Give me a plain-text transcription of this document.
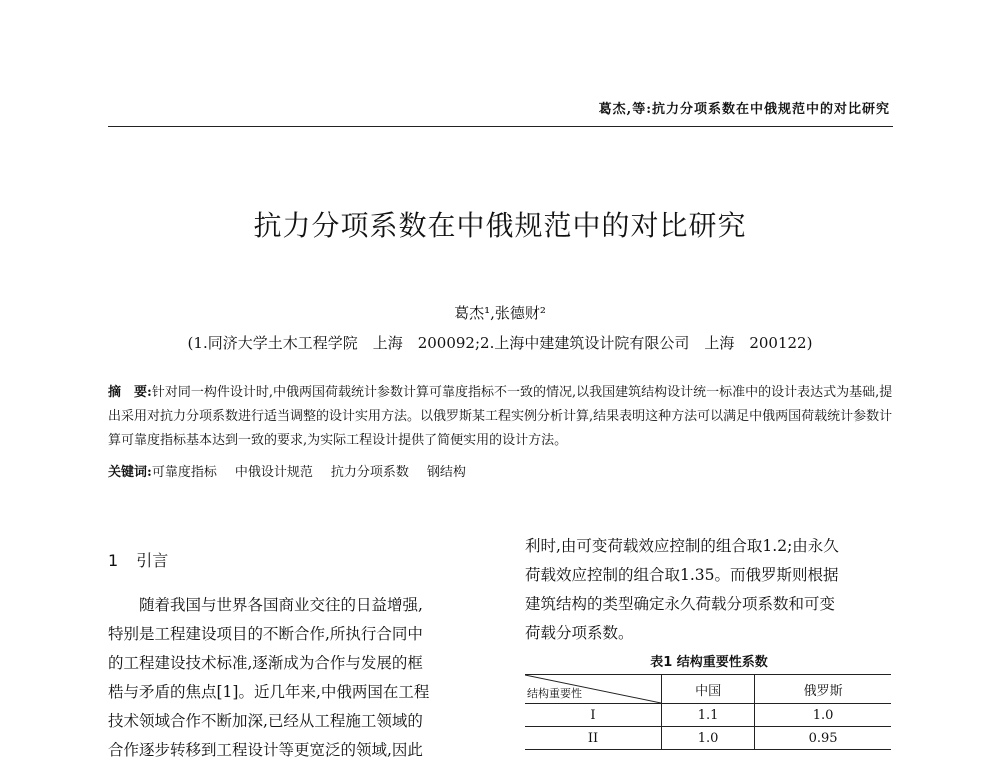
葛杰,等:抗力分项系数在中俄规范中的对比研究
抗力分项系数在中俄规范中的对比研究
葛杰¹,张德财²
(1.同济大学土木工程学院　上海　200092;2.上海中建建筑设计院有限公司　上海　200122)
摘　要:针对同一构件设计时,中俄两国荷载统计参数计算可靠度指标不一致的情况,以我国建筑结构设计统一标准中的设计表达式为基础,提出采用对抗力分项系数进行适当调整的设计实用方法。以俄罗斯某工程实例分析计算,结果表明这种方法可以满足中俄两国荷载统计参数计算可靠度指标基本达到一致的要求,为实际工程设计提供了简便实用的设计方法。
关键词:可靠度指标 中俄设计规范 抗力分项系数 钢结构
1 引言
　　随着我国与世界各国商业交往的日益增强,
特别是工程建设项目的不断合作,所执行合同中
的工程建设技术标准,逐渐成为合作与发展的框
梏与矛盾的焦点[1]。近几年来,中俄两国在工程
技术领域合作不断加深,已经从工程施工领域的
合作逐步转移到工程设计等更宽泛的领域,因此
利时,由可变荷载效应控制的组合取1.2;由永久
荷载效应控制的组合取1.35。而俄罗斯则根据
建筑结构的类型确定永久荷载分项系数和可变
荷载分项系数。
表1 结构重要性系数
结构重要性	中国	俄罗斯
I	1.1	1.0
II	1.0	0.95
